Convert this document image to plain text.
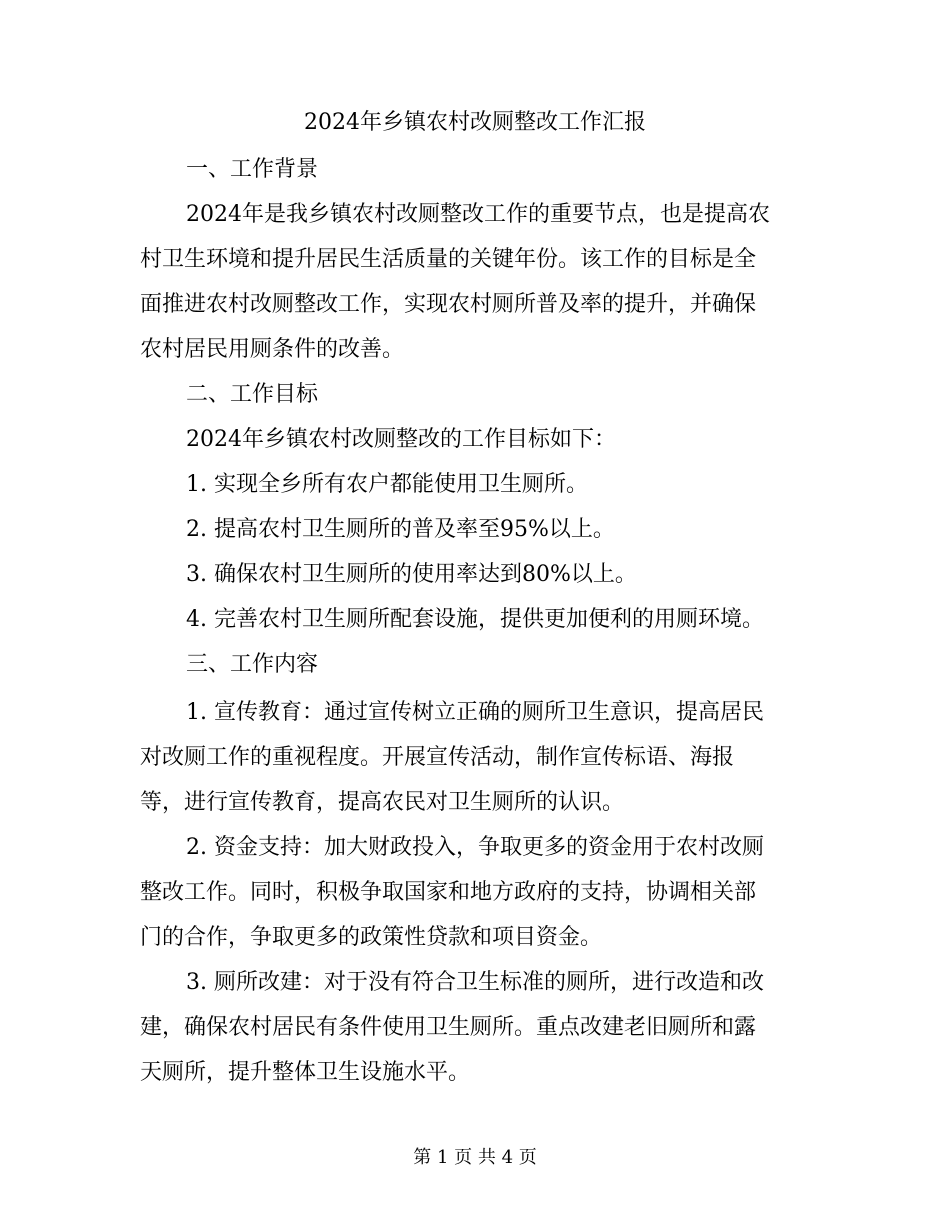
2024年乡镇农村改厕整改工作汇报

一、工作背景

2024年是我乡镇农村改厕整改工作的重要节点，也是提高农

村卫生环境和提升居民生活质量的关键年份。该工作的目标是全

面推进农村改厕整改工作，实现农村厕所普及率的提升，并确保

农村居民用厕条件的改善。

二、工作目标

2024年乡镇农村改厕整改的工作目标如下：

1. 实现全乡所有农户都能使用卫生厕所。

2. 提高农村卫生厕所的普及率至95%以上。

3. 确保农村卫生厕所的使用率达到80%以上。

4. 完善农村卫生厕所配套设施，提供更加便利的用厕环境。

三、工作内容

1. 宣传教育：通过宣传树立正确的厕所卫生意识，提高居民

对改厕工作的重视程度。开展宣传活动，制作宣传标语、海报

等，进行宣传教育，提高农民对卫生厕所的认识。

2. 资金支持：加大财政投入，争取更多的资金用于农村改厕

整改工作。同时，积极争取国家和地方政府的支持，协调相关部

门的合作，争取更多的政策性贷款和项目资金。

3. 厕所改建：对于没有符合卫生标准的厕所，进行改造和改

建，确保农村居民有条件使用卫生厕所。重点改建老旧厕所和露

天厕所，提升整体卫生设施水平。

第 1 页 共 4 页
